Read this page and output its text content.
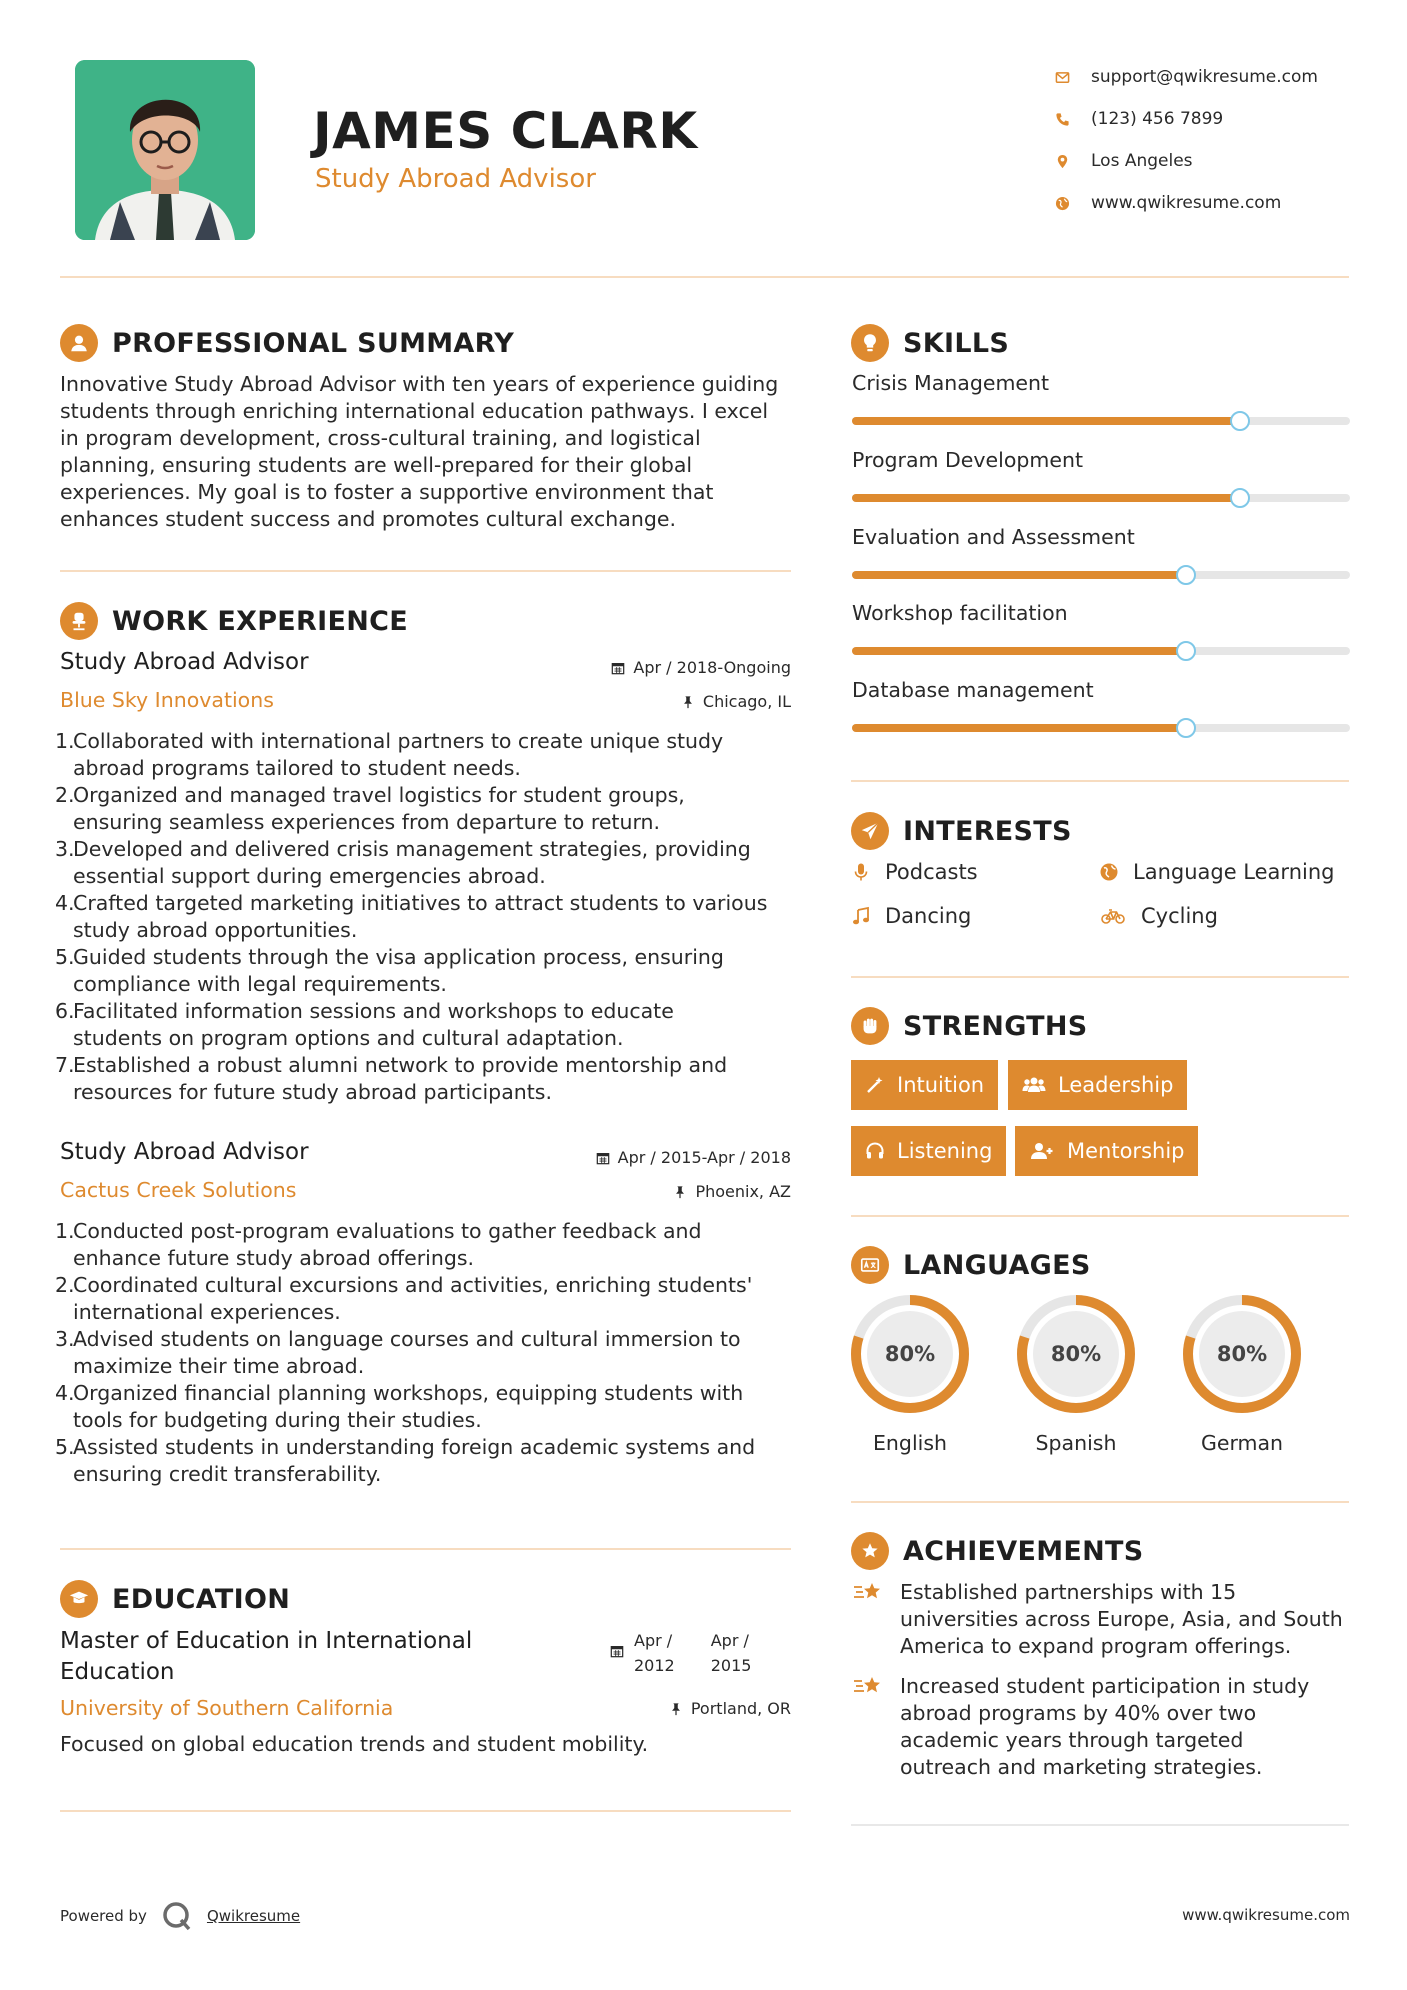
JAMES CLARK
Study Abroad Advisor
support@qwikresume.com
(123) 456 7899
Los Angeles
www.qwikresume.com
PROFESSIONAL SUMMARY
Innovative Study Abroad Advisor with ten years of experience guiding
students through enriching international education pathways. I excel
in program development, cross-cultural training, and logistical
planning, ensuring students are well-prepared for their global
experiences. My goal is to foster a supportive environment that
enhances student success and promotes cultural exchange.
WORK EXPERIENCE
Study Abroad Advisor	Apr / 2018-Ongoing
Blue Sky Innovations	Chicago, IL
1.
Collaborated with international partners to create unique study
abroad programs tailored to student needs.
2.
Organized and managed travel logistics for student groups,
ensuring seamless experiences from departure to return.
3.
Developed and delivered crisis management strategies, providing
essential support during emergencies abroad.
4.
Crafted targeted marketing initiatives to attract students to various
study abroad opportunities.
5.
Guided students through the visa application process, ensuring
compliance with legal requirements.
6.
Facilitated information sessions and workshops to educate
students on program options and cultural adaptation.
7.
Established a robust alumni network to provide mentorship and
resources for future study abroad participants.
Study Abroad Advisor	Apr / 2015-Apr / 2018
Cactus Creek Solutions	Phoenix, AZ
1.
Conducted post-program evaluations to gather feedback and
enhance future study abroad offerings.
2.
Coordinated cultural excursions and activities, enriching students'
international experiences.
3.
Advised students on language courses and cultural immersion to
maximize their time abroad.
4.
Organized financial planning workshops, equipping students with
tools for budgeting during their studies.
5.
Assisted students in understanding foreign academic systems and
ensuring credit transferability.
EDUCATION
Master of Education in International
Education
Apr /
2012
Apr /
2015
University of Southern California	Portland, OR
Focused on global education trends and student mobility.
SKILLS
Crisis Management
Program Development
Evaluation and Assessment
Workshop facilitation
Database management
INTERESTS
Podcasts	Language Learning
Dancing	Cycling
STRENGTHS
Intuition	Leadership
Listening	Mentorship
LANGUAGES
80%
English
80%
Spanish
80%
German
ACHIEVEMENTS
Established partnerships with 15
universities across Europe, Asia, and South
America to expand program offerings.
Increased student participation in study
abroad programs by 40% over two
academic years through targeted
outreach and marketing strategies.
Powered by	Qwikresume	www.qwikresume.com
